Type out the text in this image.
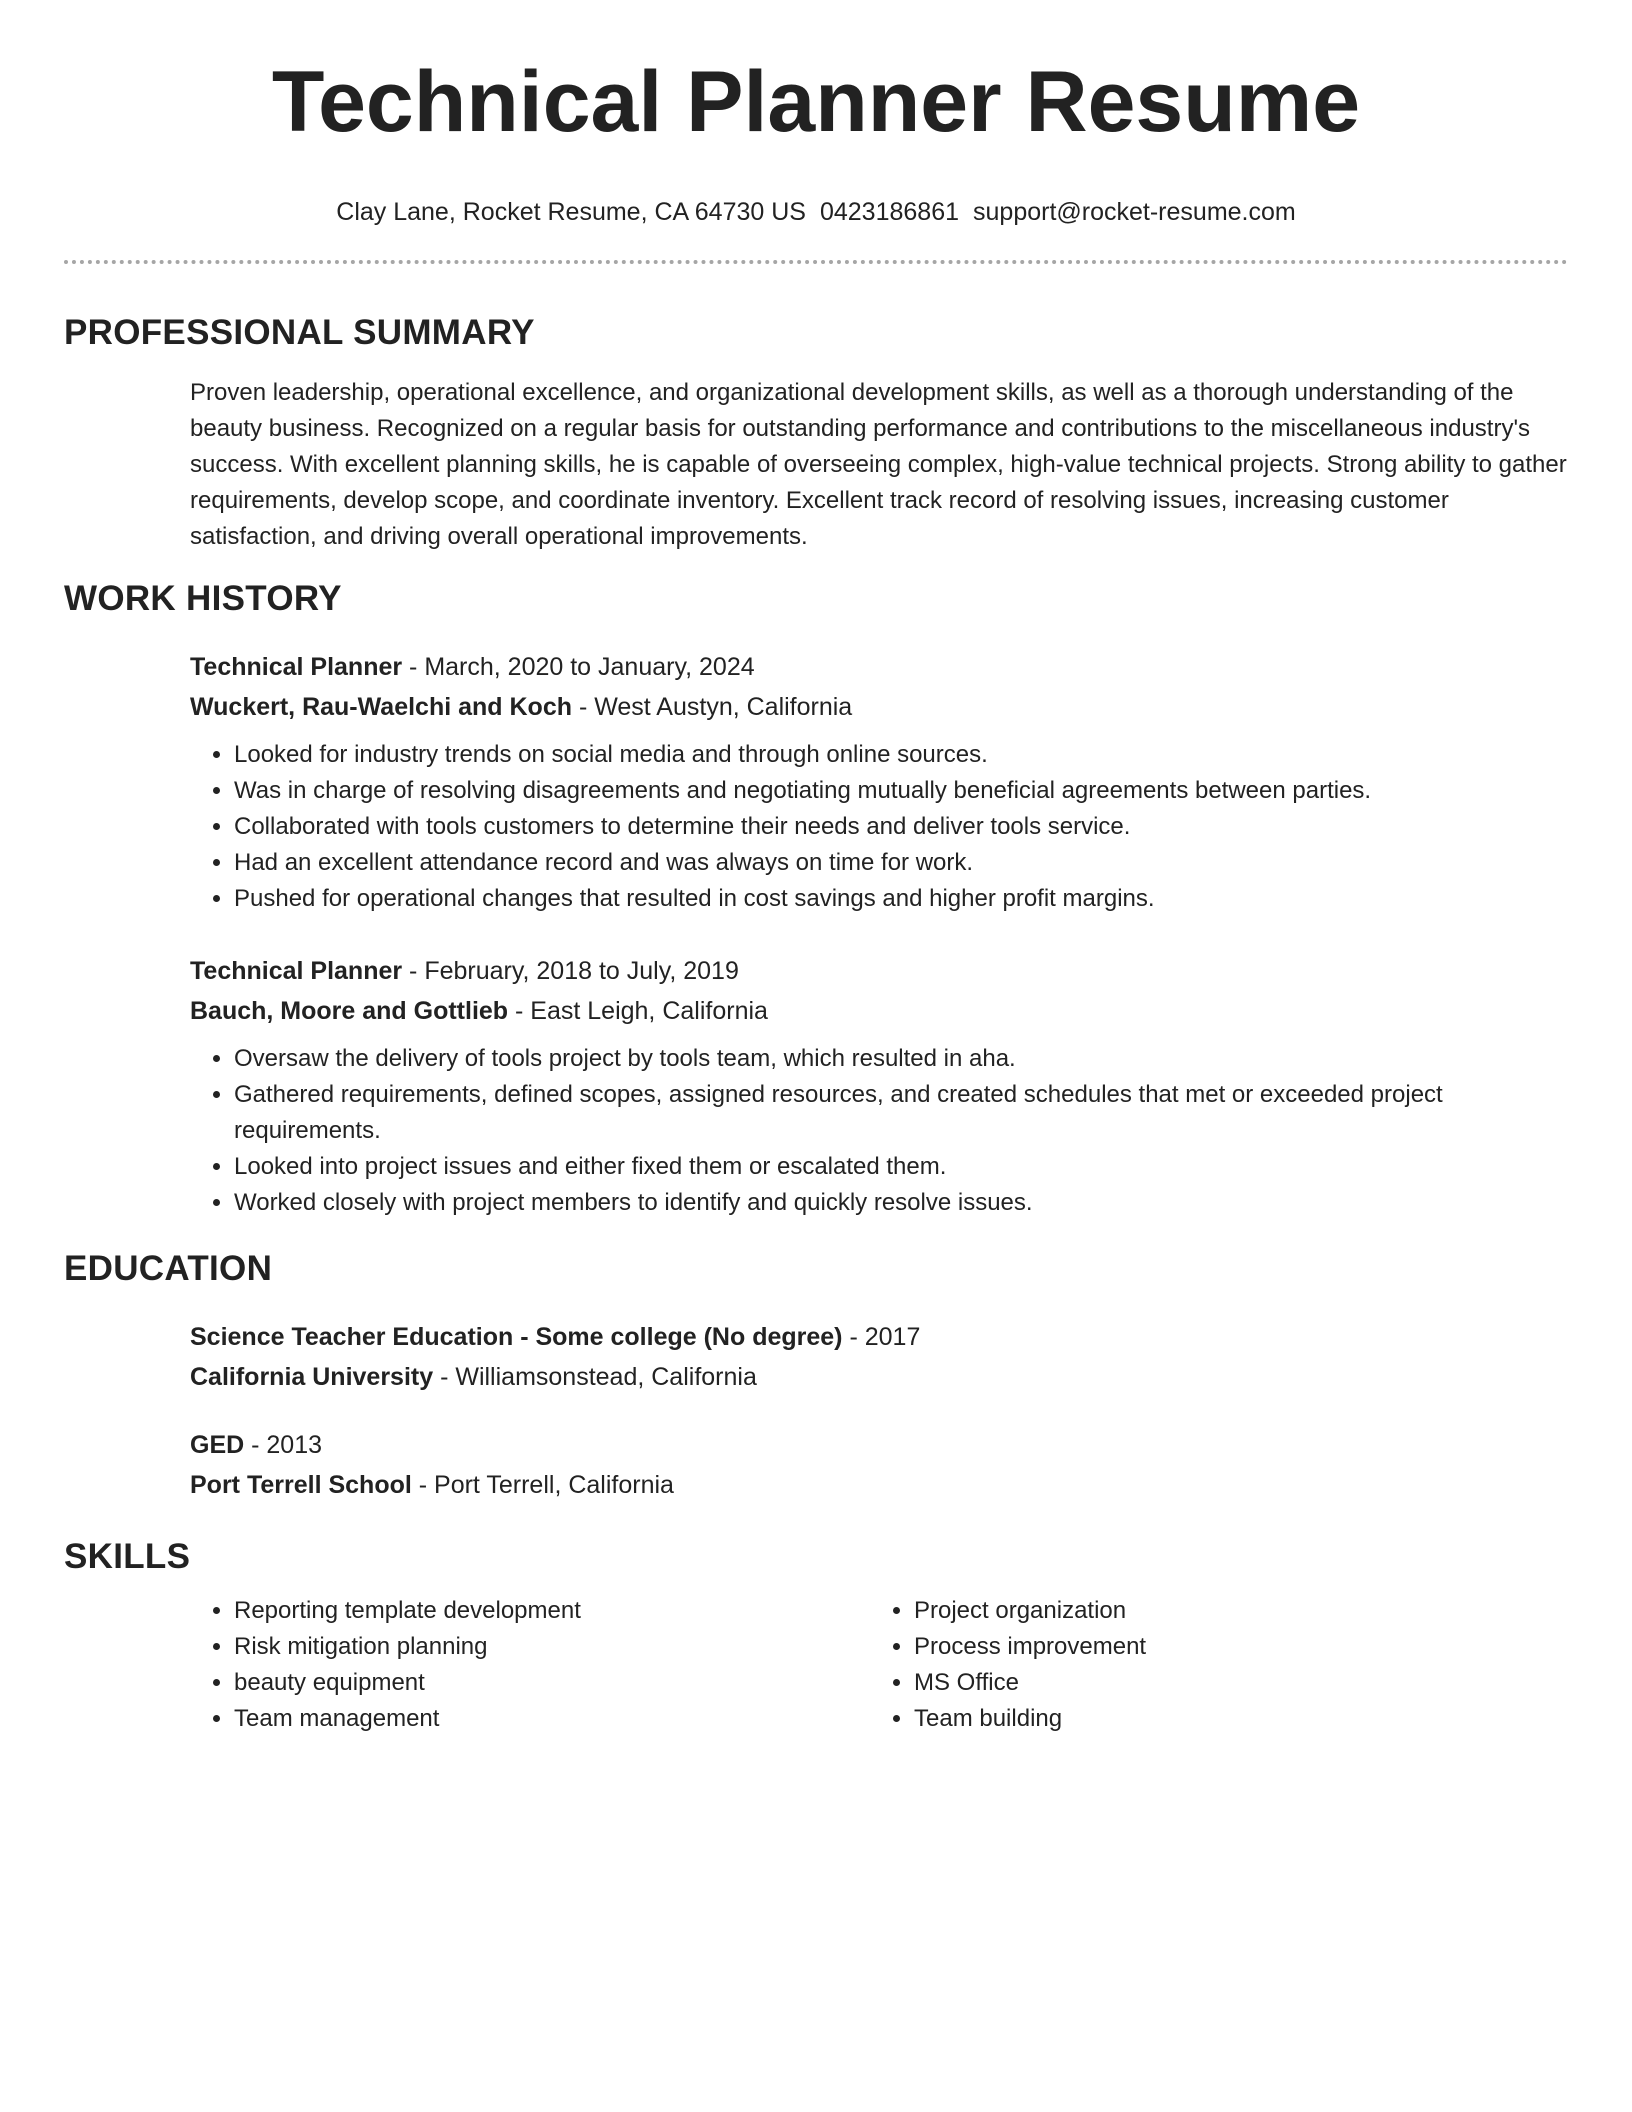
Technical Planner Resume
Clay Lane, Rocket Resume, CA 64730 US 0423186861 support@rocket-resume.com
PROFESSIONAL SUMMARY
Proven leadership, operational excellence, and organizational development skills, as well as a thorough understanding of the beauty business. Recognized on a regular basis for outstanding performance and contributions to the miscellaneous industry's success. With excellent planning skills, he is capable of overseeing complex, high-value technical projects. Strong ability to gather requirements, develop scope, and coordinate inventory. Excellent track record of resolving issues, increasing customer satisfaction, and driving overall operational improvements.
WORK HISTORY
Technical Planner - March, 2020 to January, 2024
Wuckert, Rau-Waelchi and Koch - West Austyn, California
• Looked for industry trends on social media and through online sources.
• Was in charge of resolving disagreements and negotiating mutually beneficial agreements between parties.
• Collaborated with tools customers to determine their needs and deliver tools service.
• Had an excellent attendance record and was always on time for work.
• Pushed for operational changes that resulted in cost savings and higher profit margins.
Technical Planner - February, 2018 to July, 2019
Bauch, Moore and Gottlieb - East Leigh, California
• Oversaw the delivery of tools project by tools team, which resulted in aha.
• Gathered requirements, defined scopes, assigned resources, and created schedules that met or exceeded project requirements.
• Looked into project issues and either fixed them or escalated them.
• Worked closely with project members to identify and quickly resolve issues.
EDUCATION
Science Teacher Education - Some college (No degree) - 2017
California University - Williamsonstead, California
GED - 2013
Port Terrell School - Port Terrell, California
SKILLS
• Reporting template development
• Risk mitigation planning
• beauty equipment
• Team management
• Project organization
• Process improvement
• MS Office
• Team building
